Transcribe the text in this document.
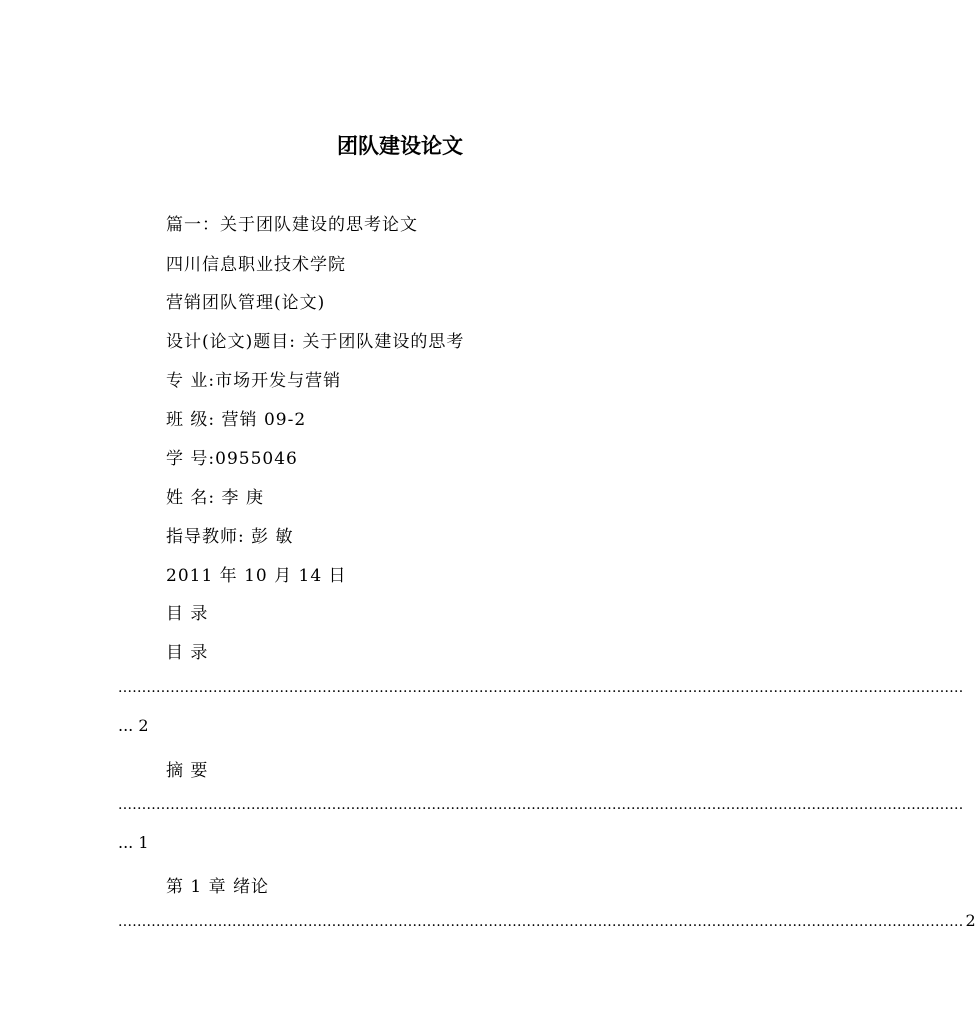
团队建设论文
篇一：关于团队建设的思考论文
四川信息职业技术学院
营销团队管理(论文)
设计(论文)题目: 关于团队建设的思考
专 业:市场开发与营销
班 级: 营销 09-2
学 号:0955046
姓 名: 李 庚
指导教师: 彭 敏
2011 年 10 月 14 日
目 录
目 录
..................................................................................................................................................................................
... 2
摘 要
..................................................................................................................................................................................
... 1
第 1 章 绪论
.................................................................................................................................................................................. 2
